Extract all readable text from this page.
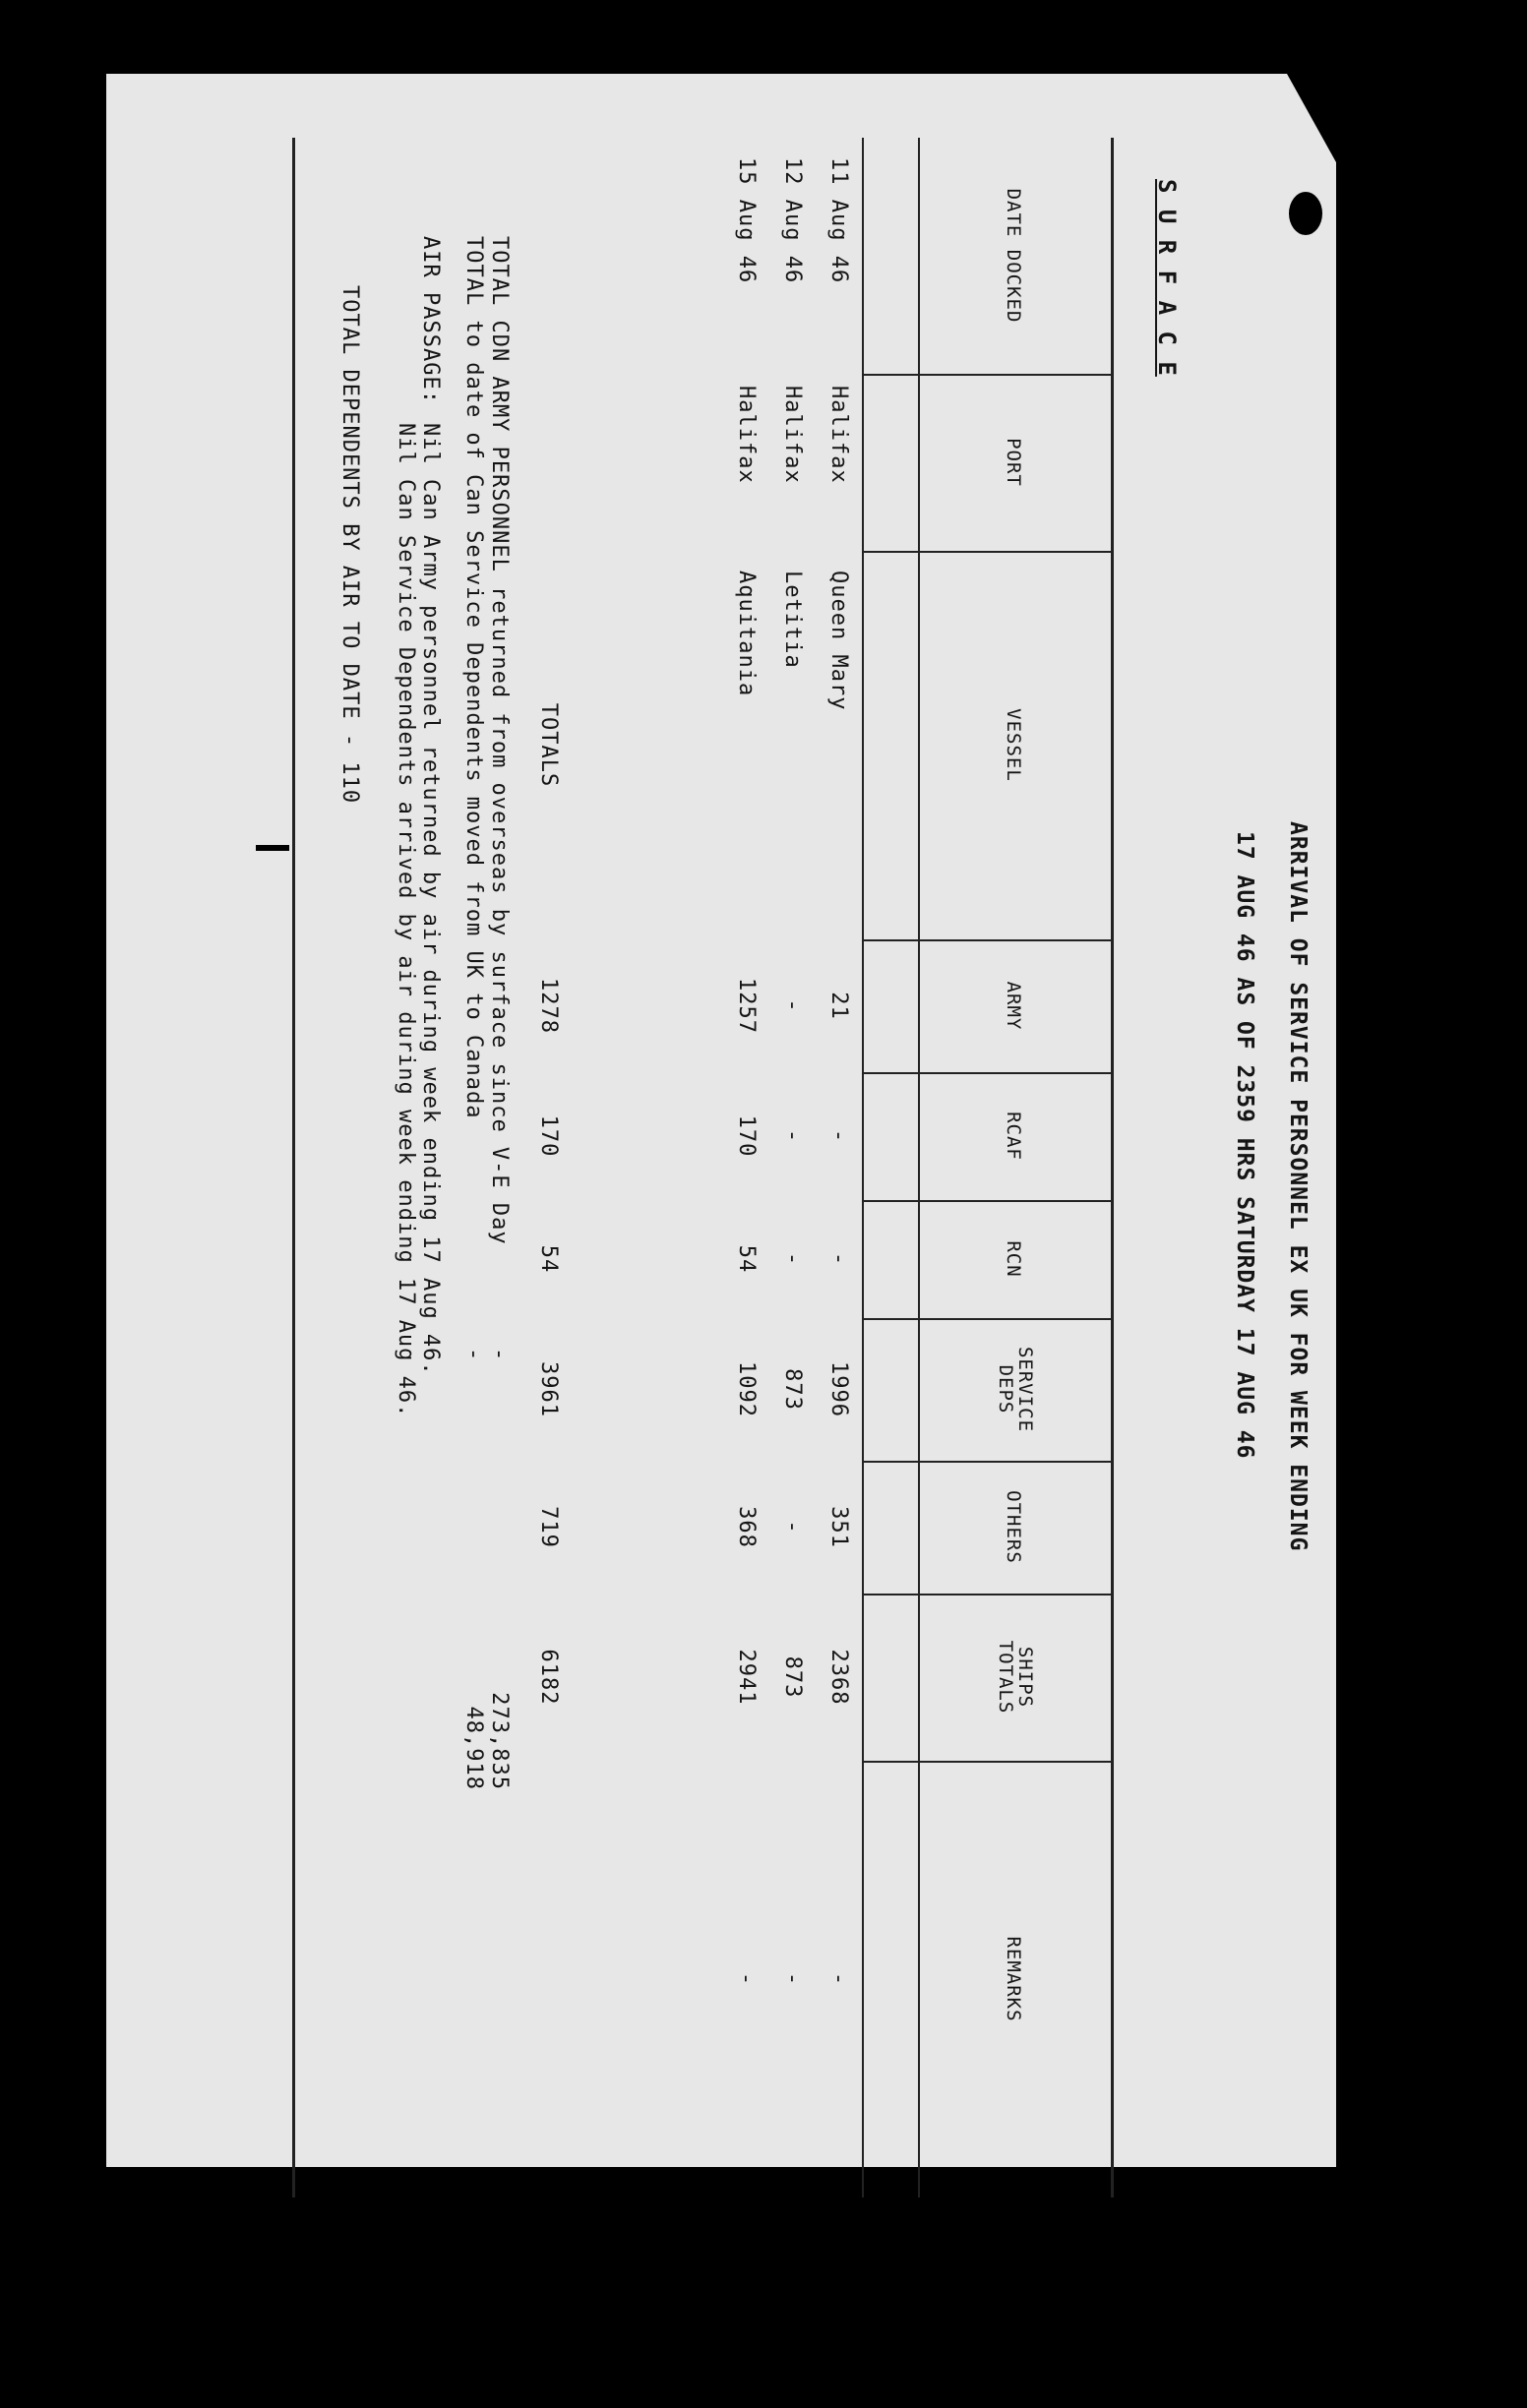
ARRIVAL OF SERVICE PERSONNEL EX UK FOR WEEK ENDING
17 AUG 46 AS OF 2359 HRS SATURDAY 17 AUG 46
S U R F A C E
DATE DOCKED
PORT
VESSEL
ARMY
RCAF
RCN
SERVICE
DEPS
OTHERS
SHIPS
TOTALS
REMARKS
11 Aug 46
Halifax
Queen Mary
21
-
-
1996
351
2368
-
12 Aug 46
Halifax
Letitia
-
-
-
873
-
873
-
15 Aug 46
Halifax
Aquitania
1257
170
54
1092
368
2941
-
TOTALS
1278
170
54
3961
719
6182
TOTAL CDN ARMY PERSONNEL returned from overseas by surface since V-E Day
-
273,835
TOTAL to date of Can Service Dependents moved from UK to Canada
-
48,918
AIR PASSAGE:
Nil Can Army personnel returned by air during week ending 17 Aug 46.
Nil Can Service Dependents arrived by air during week ending 17 Aug 46.
TOTAL DEPENDENTS BY AIR TO DATE - 110
